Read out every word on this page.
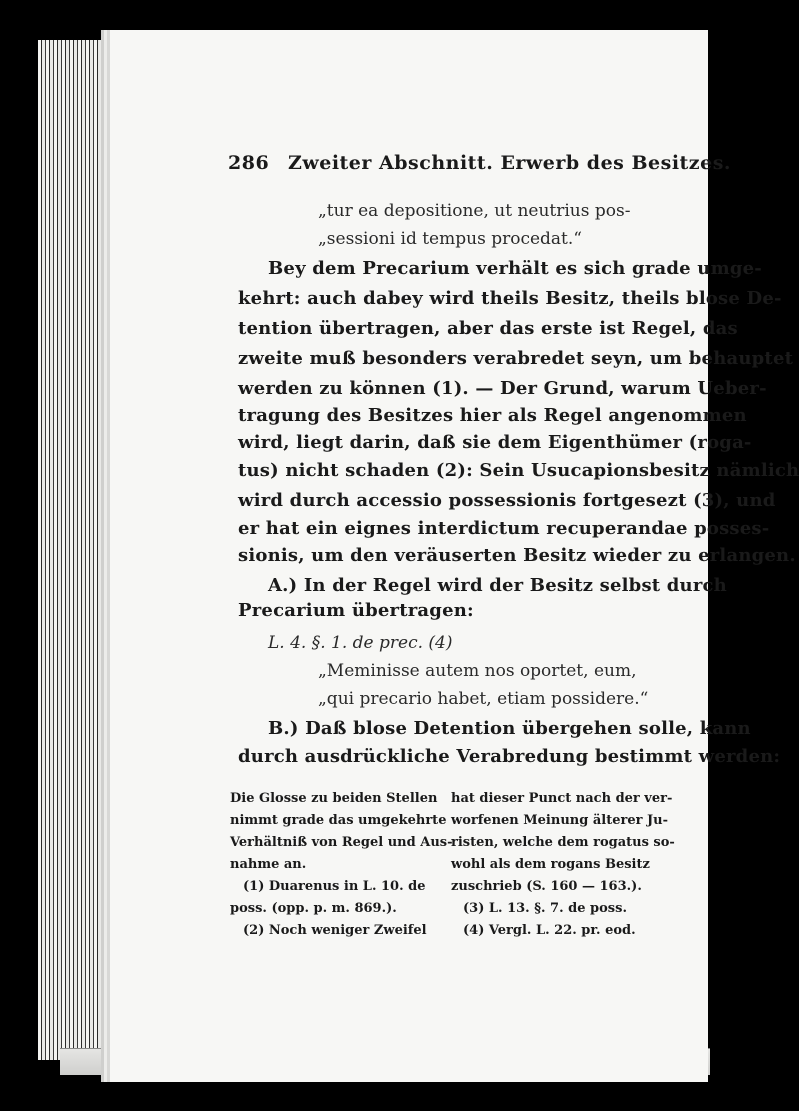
286 Zweiter Abschnitt. Erwerb des Besitzes.
„tur ea depositione, ut neutrius pos-
„sessioni id tempus procedat.“
Bey dem Precarium verhält es sich grade umge-
kehrt: auch dabey wird theils Besitz, theils blose De-
tention übertragen, aber das erste ist Regel, das
zweite muß besonders verabredet seyn, um behauptet
werden zu können (1). — Der Grund, warum Ueber-
tragung des Besitzes hier als Regel angenommen
wird, liegt darin, daß sie dem Eigenthümer (roga-
tus) nicht schaden (2): Sein Usucapionsbesitz nämlich
wird durch accessio possessionis fortgesezt (3), und
er hat ein eignes interdictum recuperandae posses-
sionis, um den veräuserten Besitz wieder zu erlangen.
A.) In der Regel wird der Besitz selbst durch
Precarium übertragen:
L. 4. §. 1. de prec. (4)
„Meminisse autem nos oportet, eum,
„qui precario habet, etiam possidere.“
B.) Daß blose Detention übergehen solle, kann
durch ausdrückliche Verabredung bestimmt werden:
Die Glosse zu beiden Stellen
nimmt grade das umgekehrte
Verhältniß von Regel und Aus-
nahme an.
(1) Duarenus in L. 10. de
poss. (opp. p. m. 869.).
(2) Noch weniger Zweifel
hat dieser Punct nach der ver-
worfenen Meinung älterer Ju-
risten, welche dem rogatus so-
wohl als dem rogans Besitz
zuschrieb (S. 160 — 163.).
(3) L. 13. §. 7. de poss.
(4) Vergl. L. 22. pr. eod.
